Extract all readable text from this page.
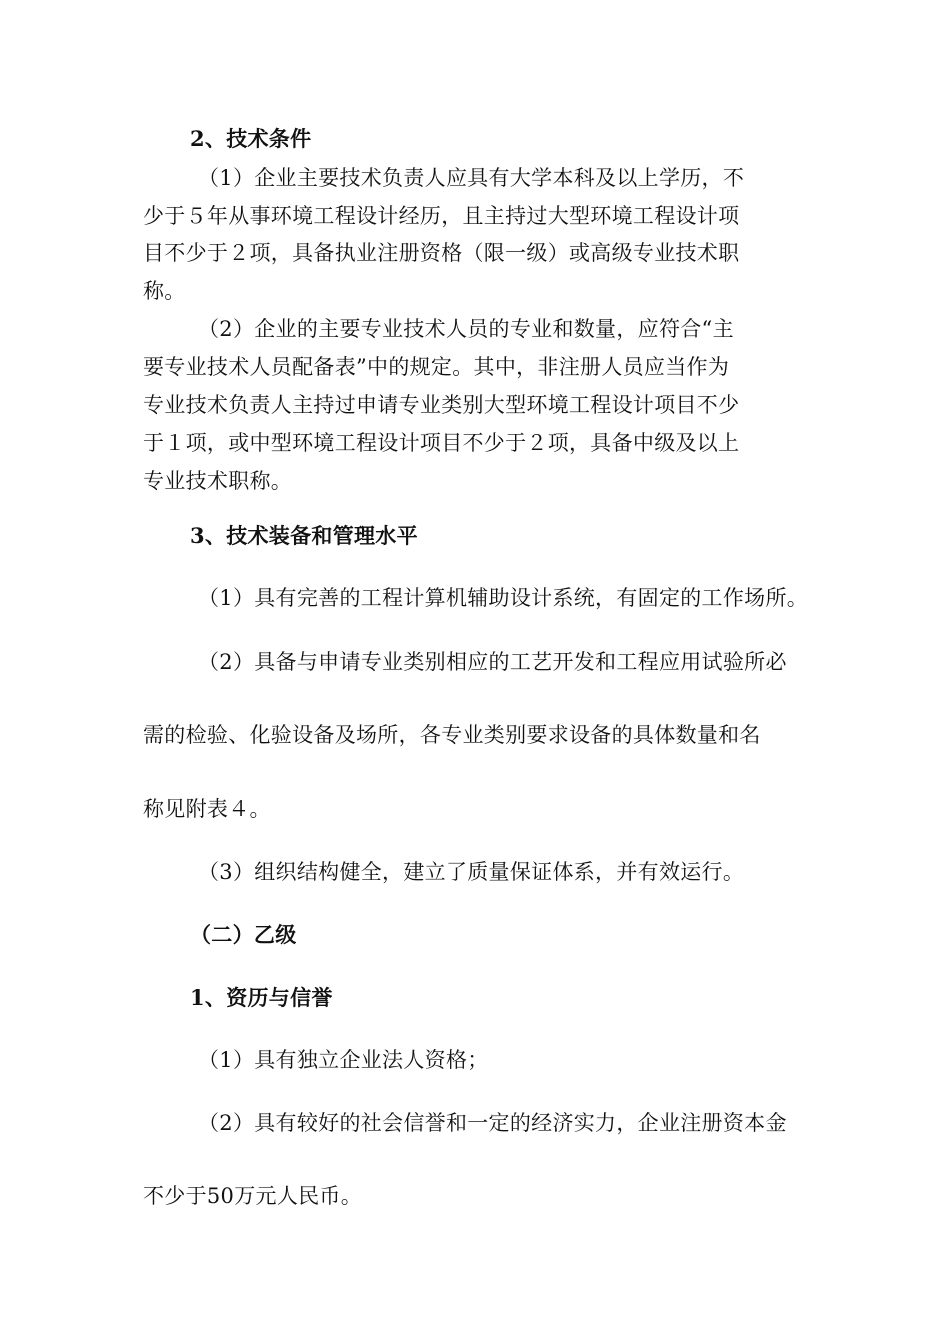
2、技术条件
（1）企业主要技术负责人应具有大学本科及以上学历，不
少于５年从事环境工程设计经历，且主持过大型环境工程设计项
目不少于２项，具备执业注册资格（限一级）或高级专业技术职
称。
（2）企业的主要专业技术人员的专业和数量，应符合“主
要专业技术人员配备表”中的规定。其中，非注册人员应当作为
专业技术负责人主持过申请专业类别大型环境工程设计项目不少
于１项，或中型环境工程设计项目不少于２项，具备中级及以上
专业技术职称。
3、技术装备和管理水平
（1）具有完善的工程计算机辅助设计系统，有固定的工作场所。
（2）具备与申请专业类别相应的工艺开发和工程应用试验所必
需的检验、化验设备及场所，各专业类别要求设备的具体数量和名
称见附表４。
（3）组织结构健全，建立了质量保证体系，并有效运行。
（二）乙级
1、资历与信誉
（1）具有独立企业法人资格；
（2）具有较好的社会信誉和一定的经济实力，企业注册资本金
不少于50万元人民币。
